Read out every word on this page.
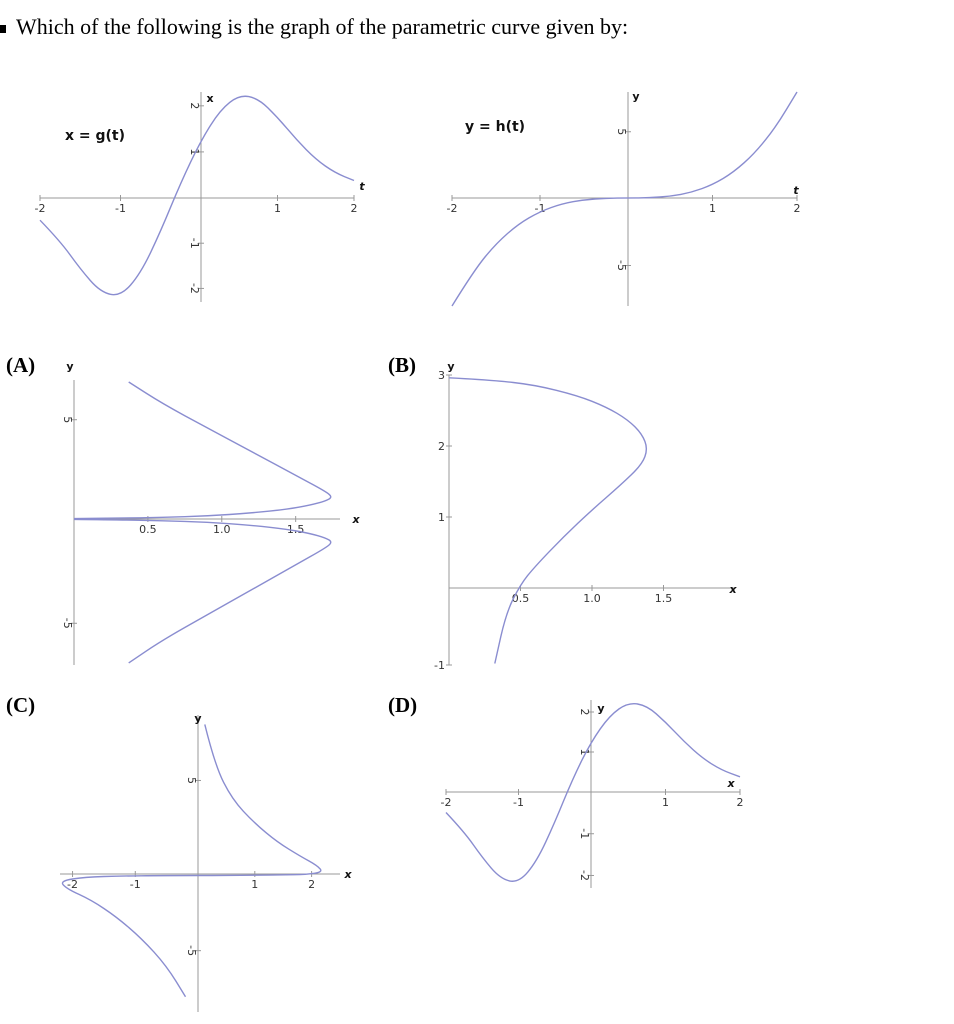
Which of the following is the graph of the parametric curve given by:
(A)	(B)
(C)	(D)
-2	-1	1	2
2
1
-1
-2
t
x
x = g(t)
-2	-1	1	2
5
-5
t
y
y = h(t)
0.5	1.0	1.5
5
-5
x
y
0.5	1.0	1.5
3
2
1
-1
x
y
-2	-1	1	2
5
-5
x
y
-2	-1	1	2
2
1
-1
-2
x
y
